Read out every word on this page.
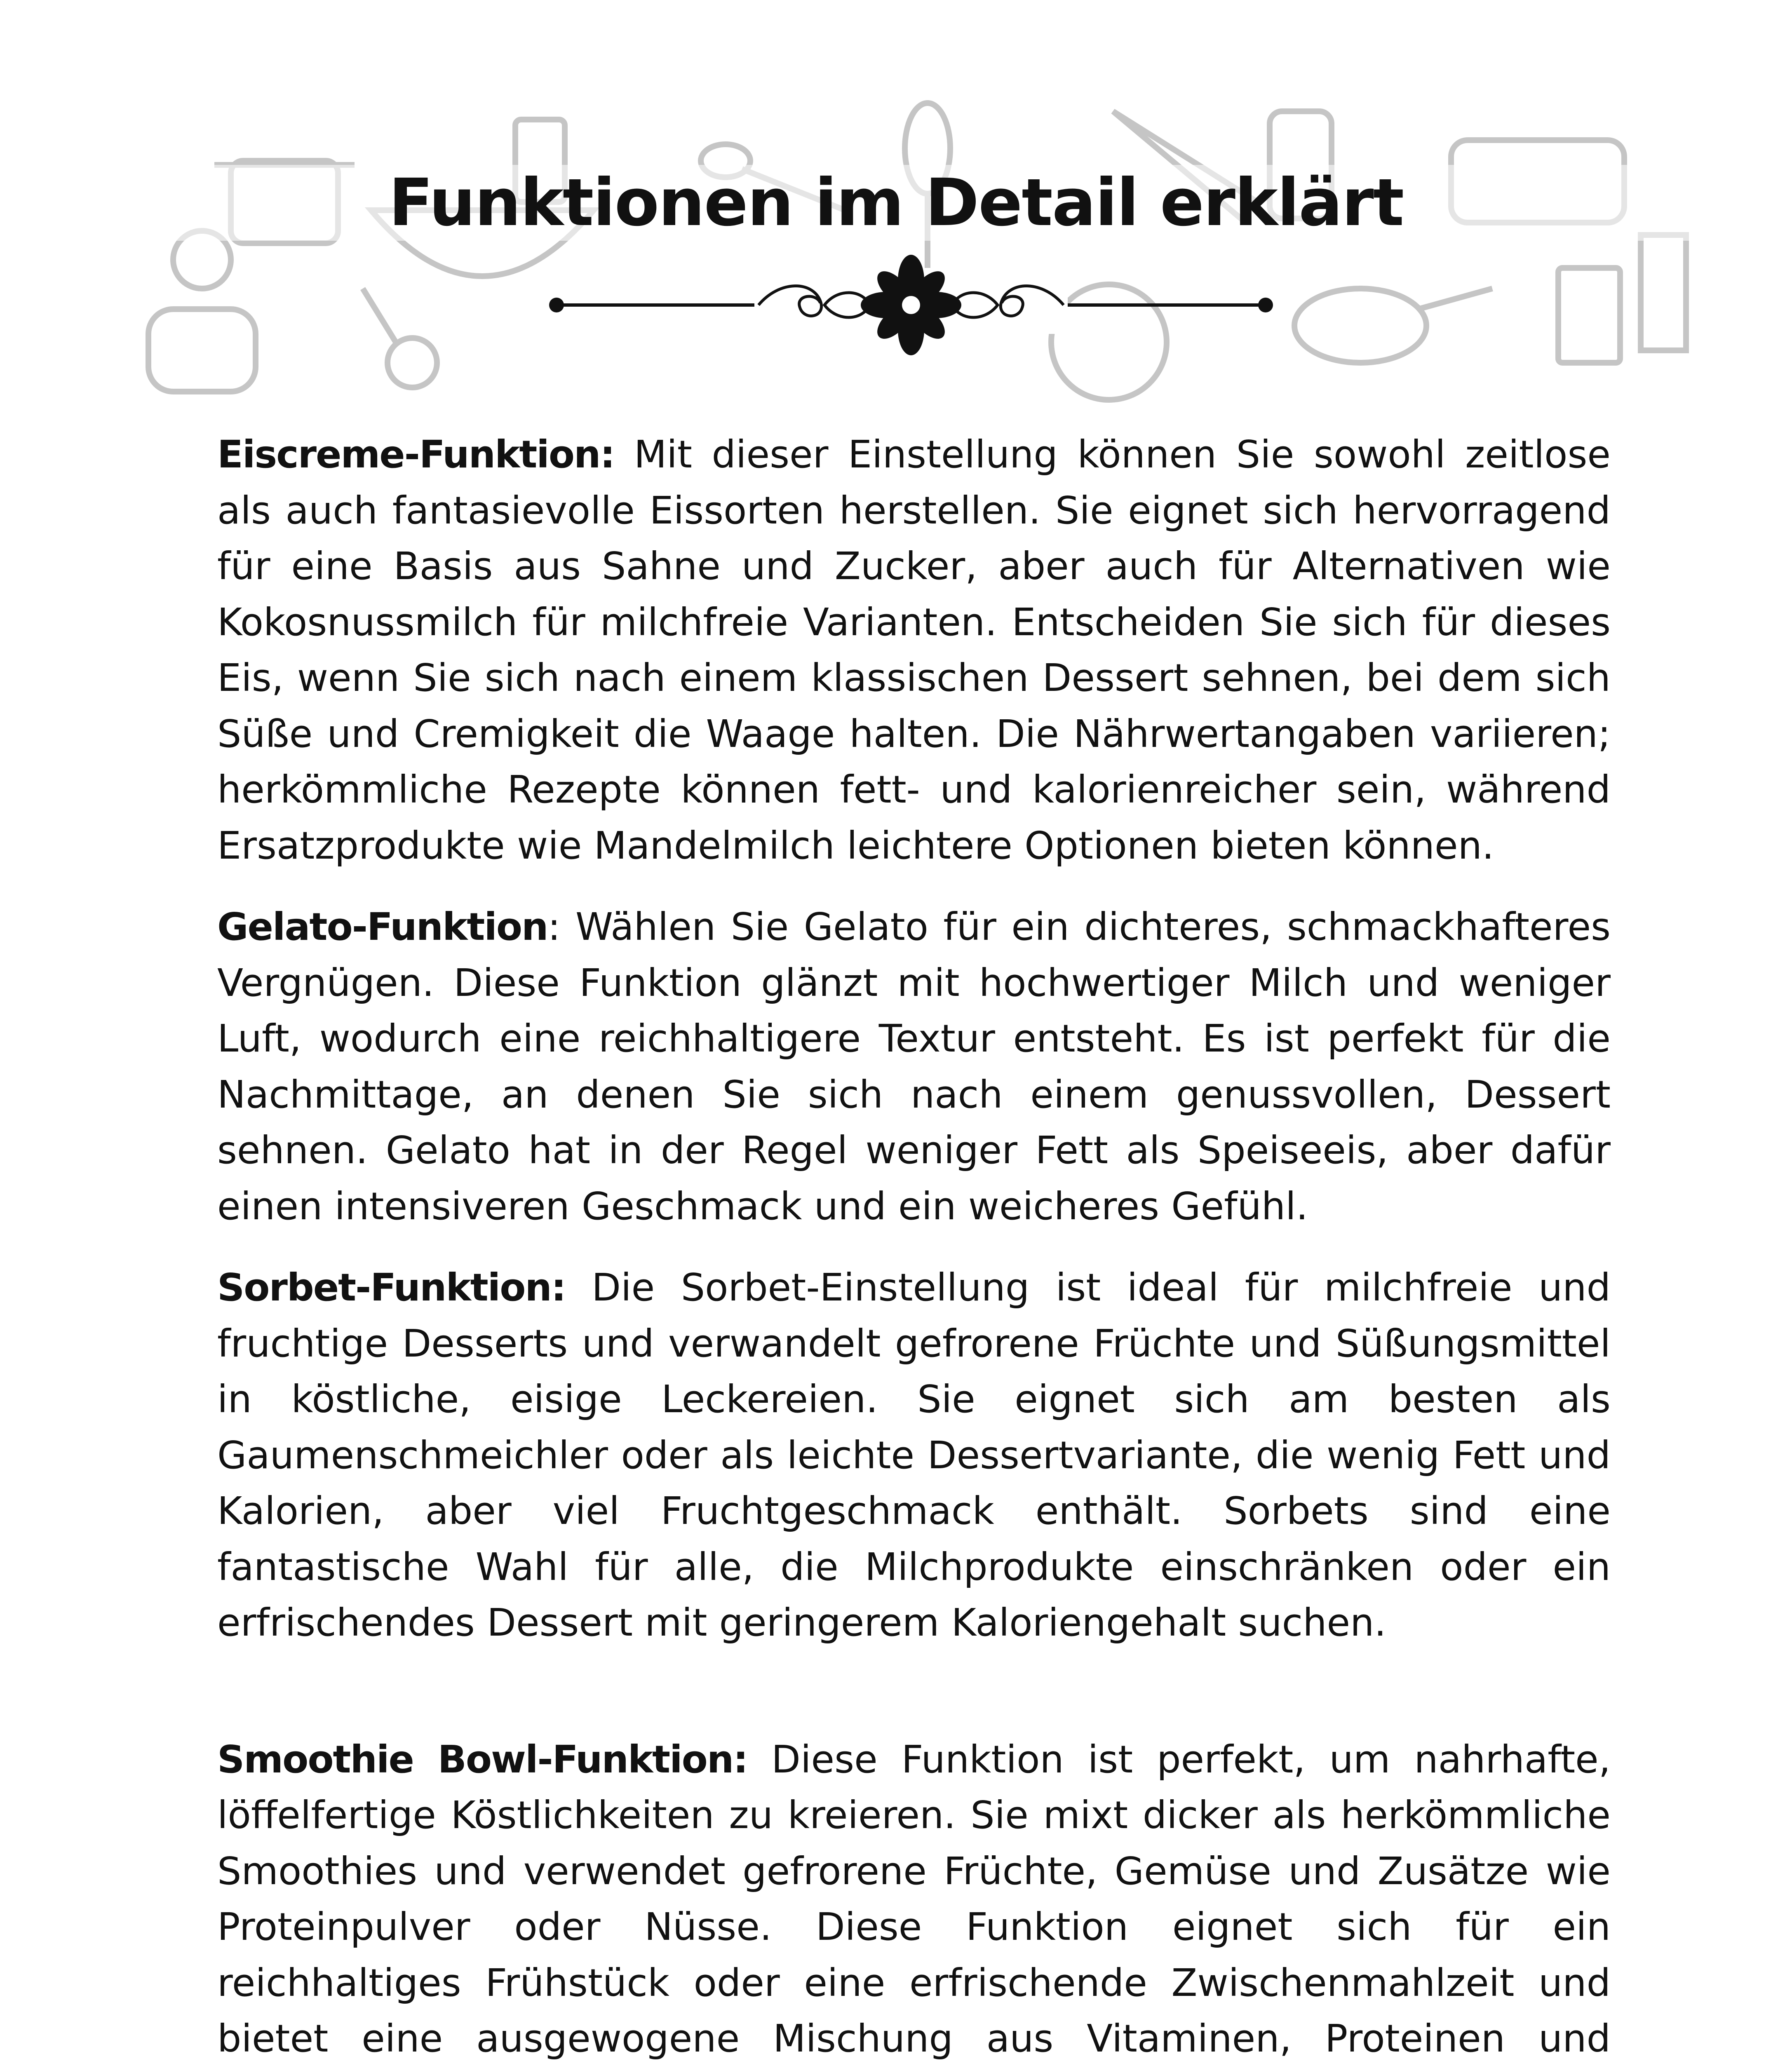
Funktionen im Detail erklärt

Eiscreme-Funktion: Mit dieser Einstellung können Sie sowohl zeitlose als auch fantasievolle Eissorten herstellen. Sie eignet sich hervorragend für eine Basis aus Sahne und Zucker, aber auch für Alternativen wie Kokosnussmilch für milchfreie Varianten. Entscheiden Sie sich für dieses Eis, wenn Sie sich nach einem klassischen Dessert sehnen, bei dem sich Süße und Cremigkeit die Waage halten. Die Nährwertangaben variieren; herkömmliche Rezepte können fett- und kalorienreicher sein, während Ersatzprodukte wie Mandelmilch leichtere Optionen bieten können.

Gelato-Funktion: Wählen Sie Gelato für ein dichteres, schmackhafteres Vergnügen. Diese Funktion glänzt mit hochwertiger Milch und weniger Luft, wodurch eine reichhaltigere Textur entsteht. Es ist perfekt für die Nachmittage, an denen Sie sich nach einem genussvollen, Dessert sehnen. Gelato hat in der Regel weniger Fett als Speiseeis, aber dafür einen intensiveren Geschmack und ein weicheres Gefühl.

Sorbet-Funktion: Die Sorbet-Einstellung ist ideal für milchfreie und fruchtige Desserts und verwandelt gefrorene Früchte und Süßungsmittel in köstliche, eisige Leckereien. Sie eignet sich am besten als Gaumenschmeichler oder als leichte Dessertvariante, die wenig Fett und Kalorien, aber viel Fruchtgeschmack enthält. Sorbets sind eine fantastische Wahl für alle, die Milchprodukte einschränken oder ein erfrischendes Dessert mit geringerem Kaloriengehalt suchen.

Smoothie Bowl-Funktion: Diese Funktion ist perfekt, um nahrhafte, löffelfertige Köstlichkeiten zu kreieren. Sie mixt dicker als herkömmliche Smoothies und verwendet gefrorene Früchte, Gemüse und Zusätze wie Proteinpulver oder Nüsse. Diese Funktion eignet sich für ein reichhaltiges Frühstück oder eine erfrischende Zwischenmahlzeit und bietet eine ausgewogene Mischung aus Vitaminen, Proteinen und
